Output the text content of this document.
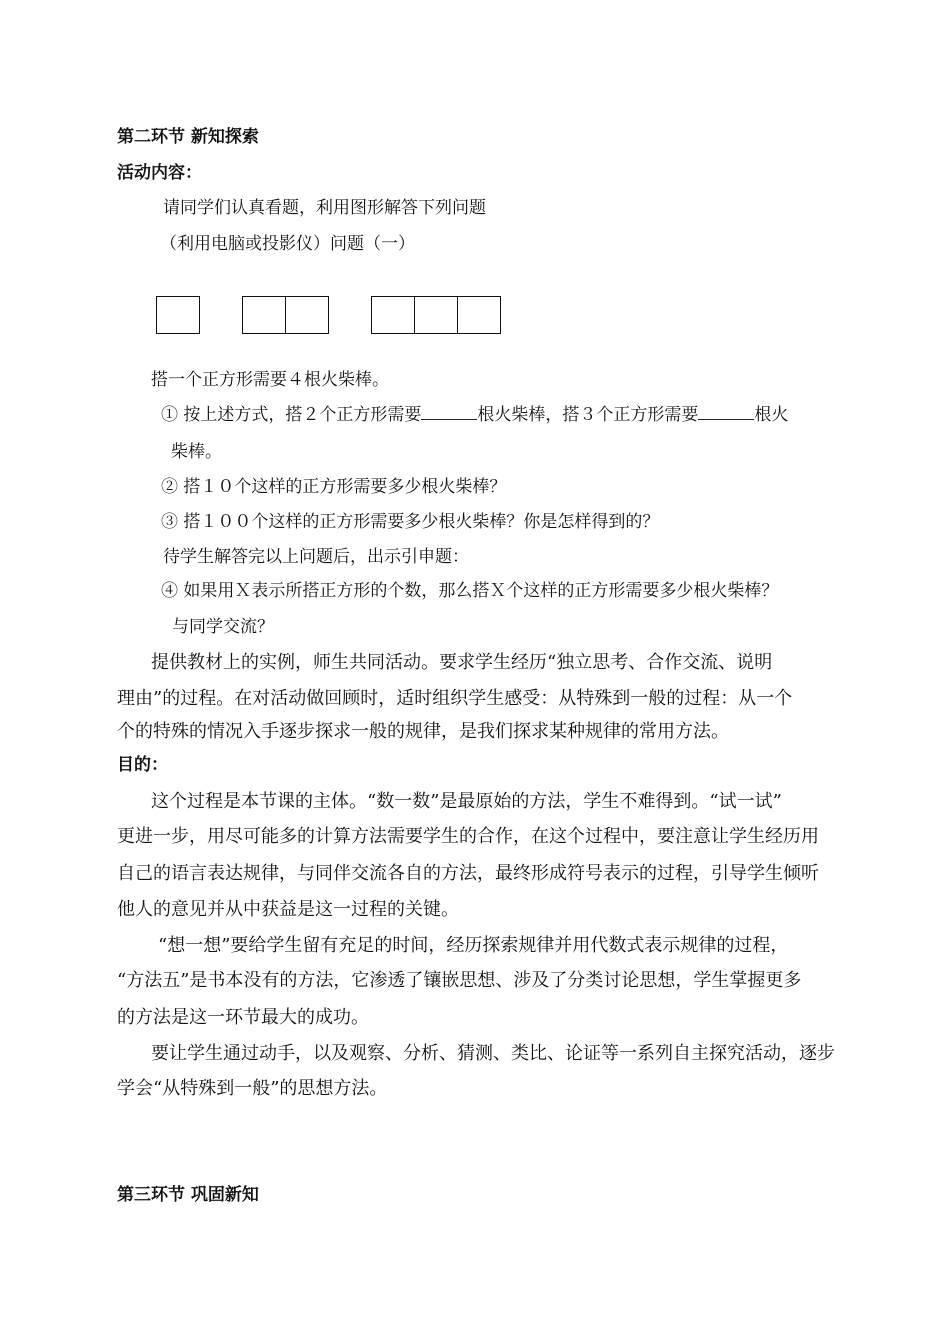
第二环节 新知探索
活动内容：
请同学们认真看题，利用图形解答下列问题
（利用电脑或投影仪）问题（一）
搭一个正方形需要４根火柴棒。
① 按上述方式，搭２个正方形需要	根火柴棒，搭３个正方形需要	根火
柴棒。
② 搭１０个这样的正方形需要多少根火柴棒？
③ 搭１００个这样的正方形需要多少根火柴棒？你是怎样得到的？
待学生解答完以上问题后，出示引申题：
④ 如果用Ｘ表示所搭正方形的个数，那么搭Ｘ个这样的正方形需要多少根火柴棒？
与同学交流？
提供教材上的实例，师生共同活动。要求学生经历“独立思考、合作交流、说明
理由”的过程。在对活动做回顾时，适时组织学生感受：从特殊到一般的过程：从一个
个的特殊的情况入手逐步探求一般的规律，是我们探求某种规律的常用方法。
目的：
这个过程是本节课的主体。“数一数”是最原始的方法，学生不难得到。“试一试”
更进一步，用尽可能多的计算方法需要学生的合作，在这个过程中，要注意让学生经历用
自己的语言表达规律，与同伴交流各自的方法，最终形成符号表示的过程，引导学生倾听
他人的意见并从中获益是这一过程的关键。
“想一想”要给学生留有充足的时间，经历探索规律并用代数式表示规律的过程，
“方法五”是书本没有的方法，它渗透了镶嵌思想、涉及了分类讨论思想，学生掌握更多
的方法是这一环节最大的成功。
要让学生通过动手，以及观察、分析、猜测、类比、论证等一系列自主探究活动，逐步
学会“从特殊到一般”的思想方法。
第三环节 巩固新知
